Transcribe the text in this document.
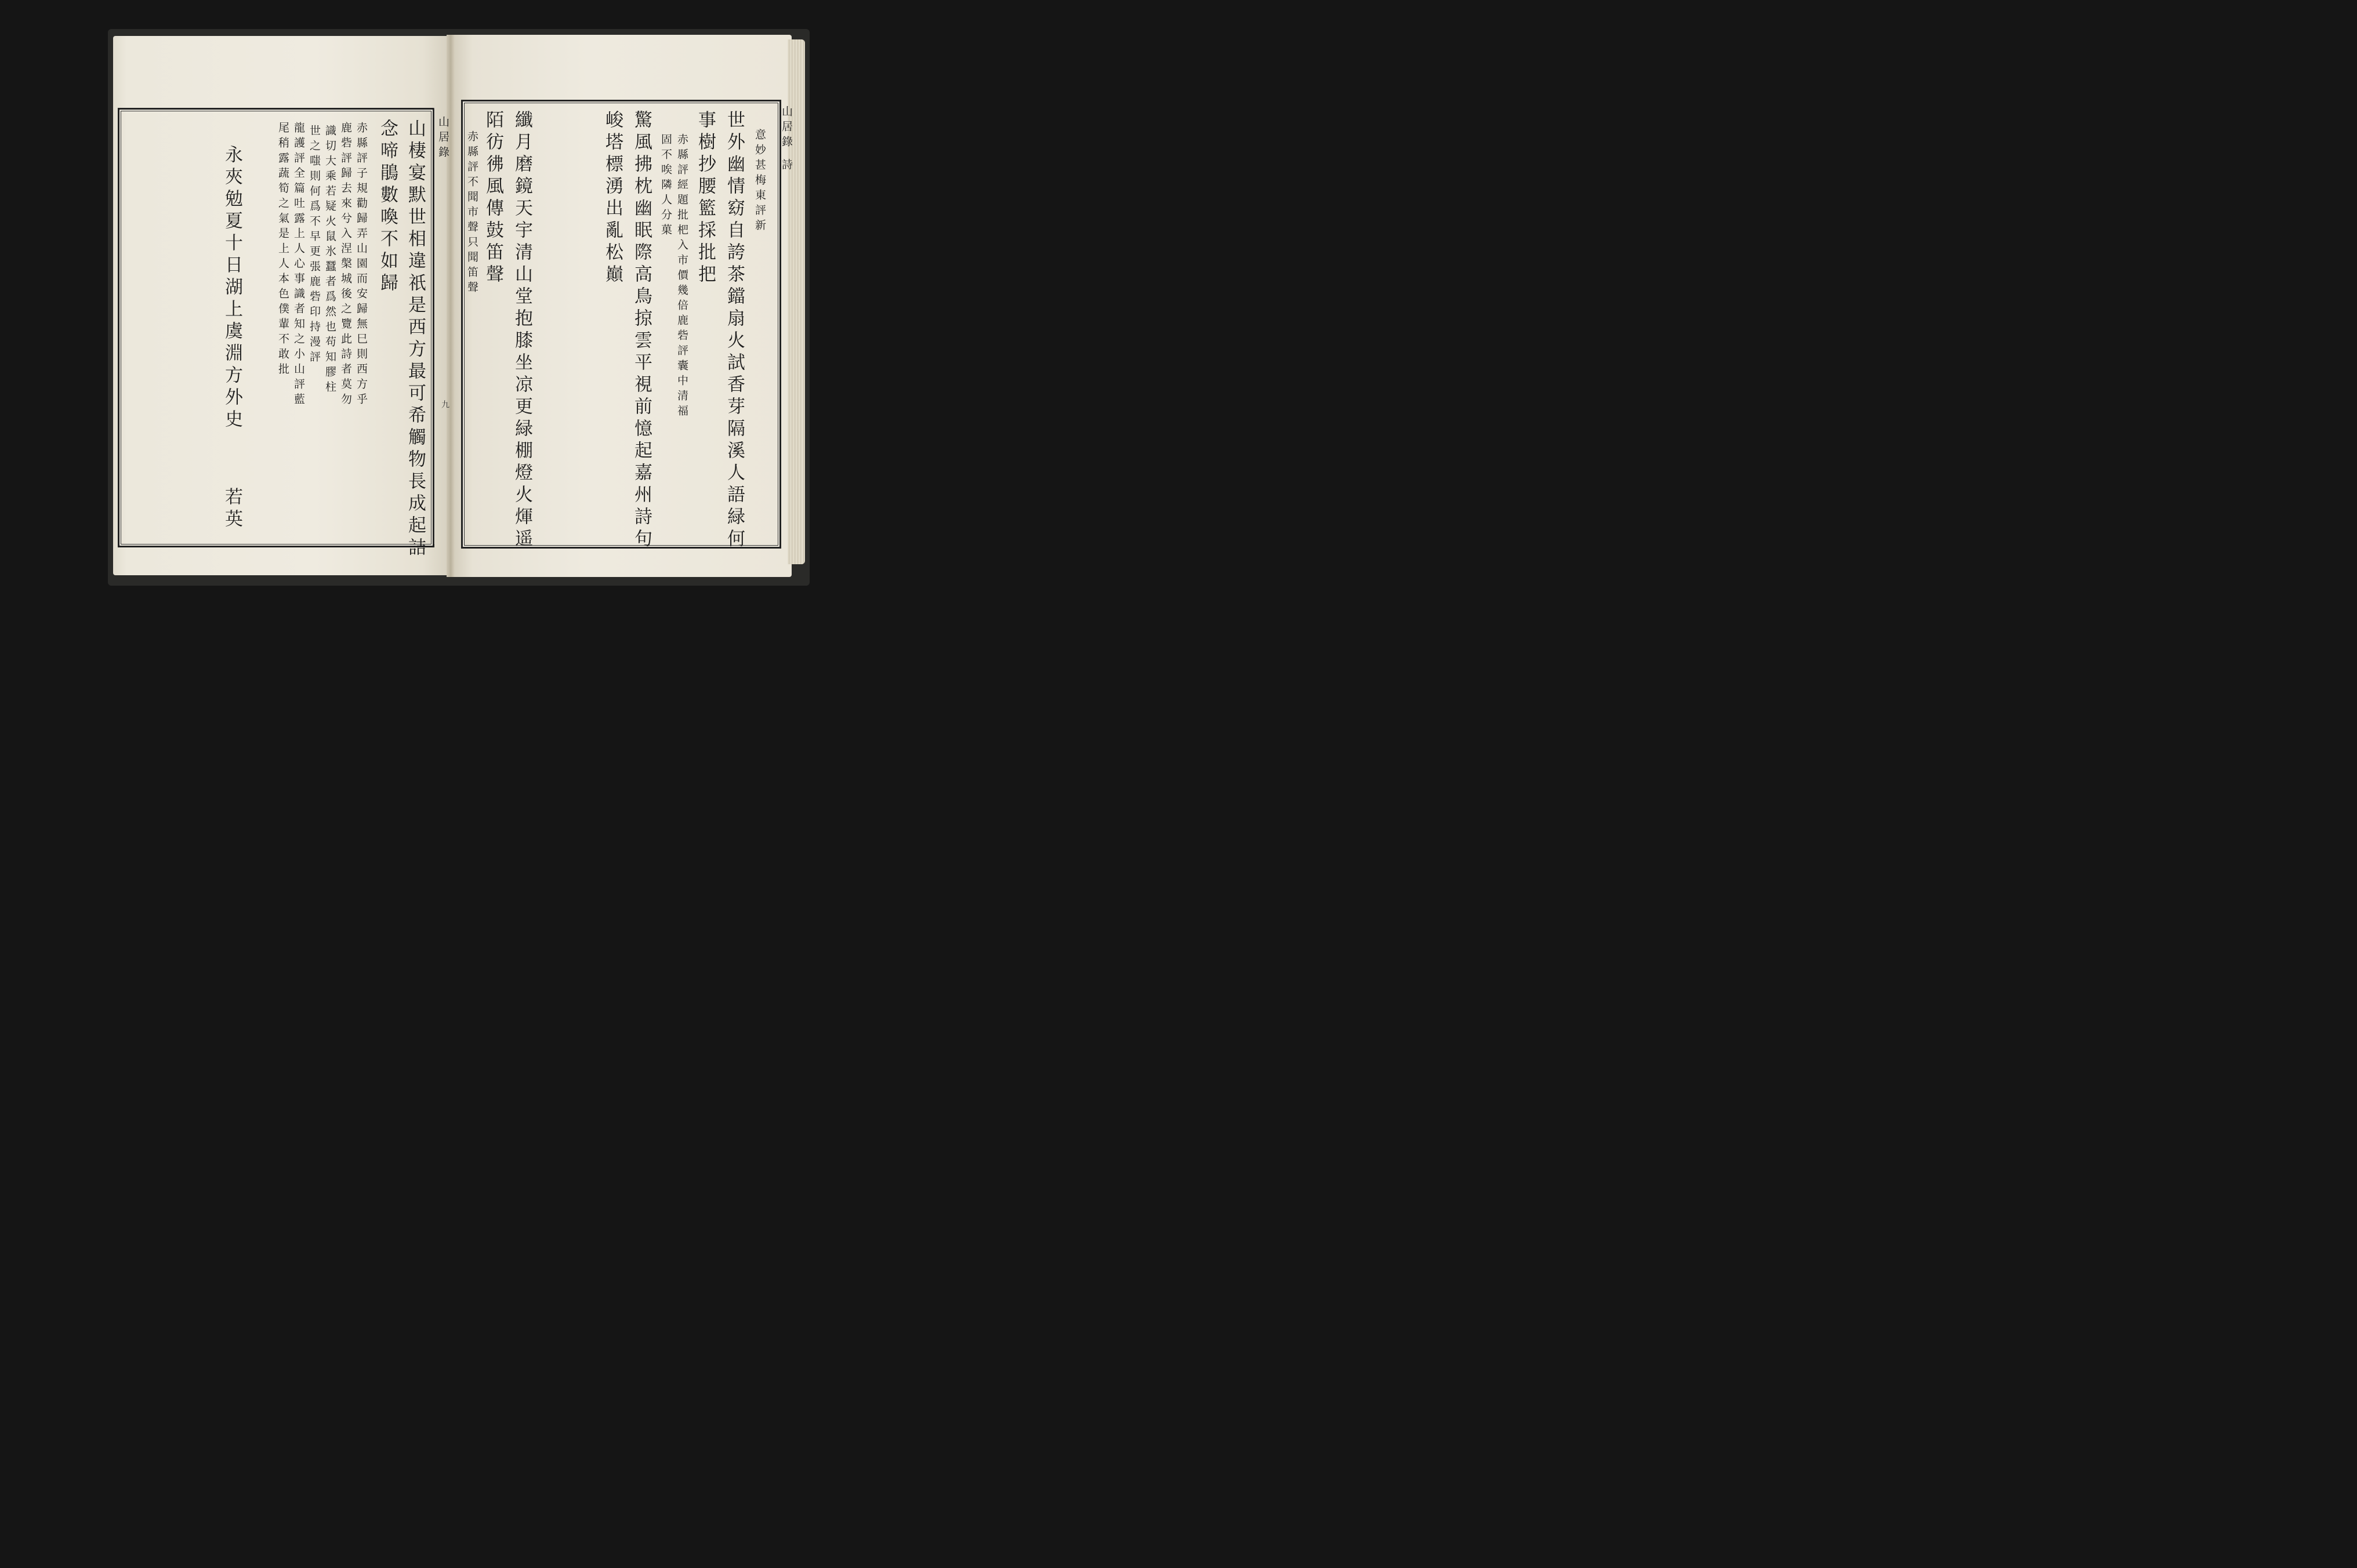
山居錄
九
山棲宴默世相違祇是西方最可希觸物長成起詰
念啼鵑數喚不如歸
赤縣評子規勸歸弄山園而安歸無巳則西方乎
鹿砦評歸去來兮入涅槃城後之覽此詩者莫勿
識切大乘若疑火鼠氷蠶者爲然也苟知膠柱
世之嗤則何爲不早更張鹿砦印持漫評
龍護評全篇吐露上人心事識者知之小山評藍
尾稍露蔬筍之氣是上人本色僕輩不敢批
永夾勉夏十日湖上虞淵方外史
若英
山居錄 詩
意妙甚梅東評新
世外幽情窈自誇茶鐺扇火試香芽隔溪人語緑何
事樹抄腰籃採批把
赤縣評經題批杷入市價幾倍鹿砦評囊中清福
固不唉隣人分菓
驚風拂枕幽眠際高鳥掠雲平視前憶起嘉州詩句
峻塔標湧出亂松巔
纖月磨鏡天宇清山堂抱膝坐凉更緑棚燈火煇遥
陌彷彿風傳鼓笛聲
赤縣評不聞市聲只聞笛聲
